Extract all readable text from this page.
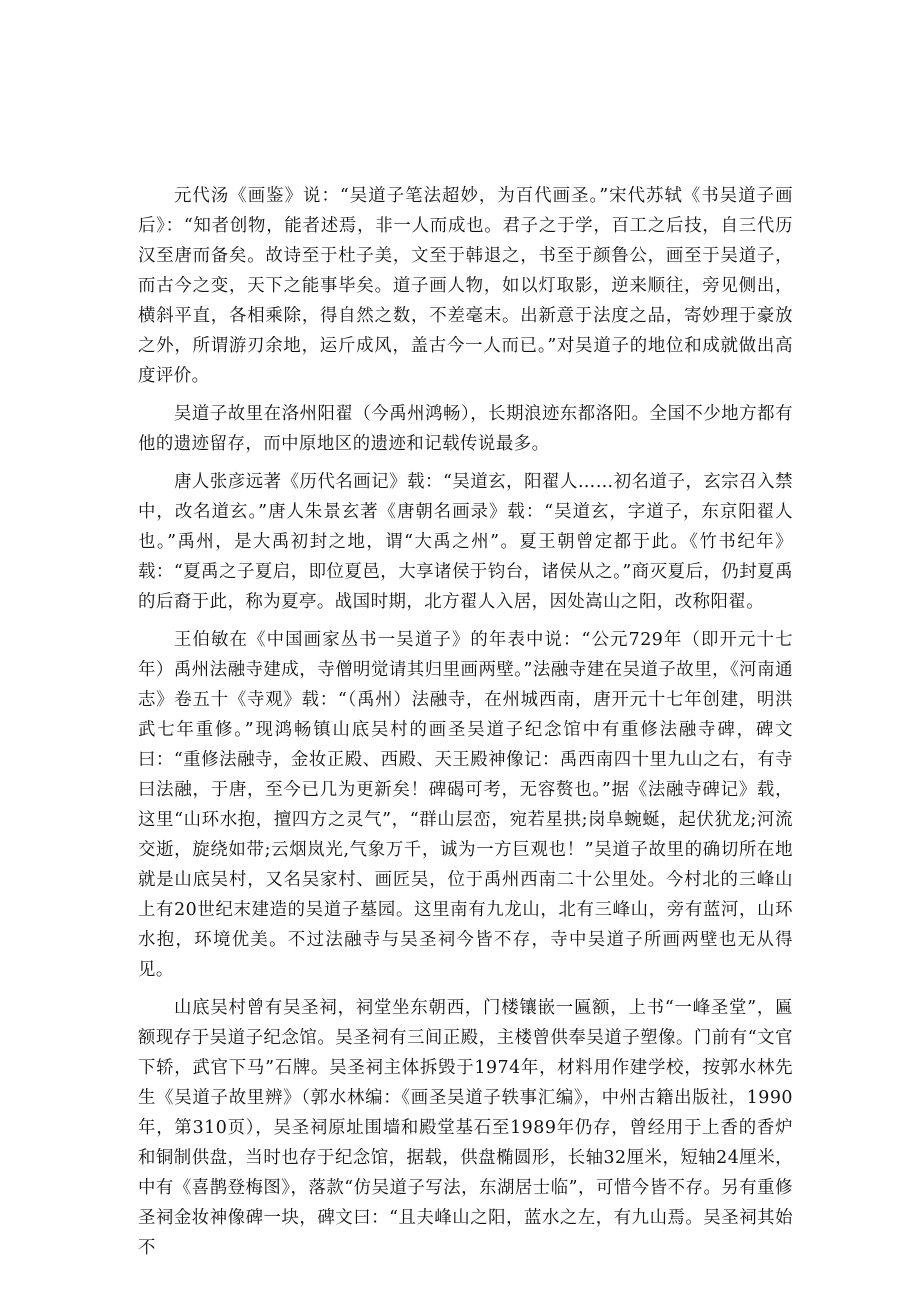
元代汤《画鉴》说：“吴道子笔法超妙，为百代画圣。”宋代苏轼《书吴道子画后》：“知者创物，能者述焉，非一人而成也。君子之于学，百工之后技，自三代历汉至唐而备矣。故诗至于杜子美，文至于韩退之，书至于颜鲁公，画至于吴道子，而古今之变，天下之能事毕矣。道子画人物，如以灯取影，逆来顺往，旁见侧出，横斜平直，各相乘除，得自然之数，不差毫末。出新意于法度之品，寄妙理于豪放之外，所谓游刃余地，运斤成风，盖古今一人而已。”对吴道子的地位和成就做出高度评价。

吴道子故里在洛州阳翟（今禹州鸿畅），长期浪迹东都洛阳。全国不少地方都有他的遗迹留存，而中原地区的遗迹和记载传说最多。

唐人张彦远著《历代名画记》载：“吴道玄，阳翟人……初名道子，玄宗召入禁中，改名道玄。”唐人朱景玄著《唐朝名画录》载：“吴道玄，字道子，东京阳翟人也。”禹州，是大禹初封之地，谓“大禹之州”。夏王朝曾定都于此。《竹书纪年》载：“夏禹之子夏启，即位夏邑，大享诸侯于钧台，诸侯从之。”商灭夏后，仍封夏禹的后裔于此，称为夏亭。战国时期，北方翟人入居，因处嵩山之阳，改称阳翟。

王伯敏在《中国画家丛书一吴道子》的年表中说：“公元729年（即开元十七年）禹州法融寺建成，寺僧明觉请其归里画两壁。”法融寺建在吴道子故里，《河南通志》卷五十《寺观》载：“（禹州）法融寺，在州城西南，唐开元十七年创建，明洪武七年重修。”现鸿畅镇山底吴村的画圣吴道子纪念馆中有重修法融寺碑，碑文曰：“重修法融寺，金妆正殿、西殿、天王殿神像记：禹西南四十里九山之右，有寺曰法融，于唐，至今已几为更新矣！碑碣可考，无容赘也。”据《法融寺碑记》载，这里“山环水抱，擅四方之灵气”，“群山层峦，宛若星拱;岗阜蜿蜒，起伏犹龙;河流交逝，旋绕如带;云烟岚光,气象万千，诚为一方巨观也！”吴道子故里的确切所在地就是山底吴村，又名吴家村、画匠吴，位于禹州西南二十公里处。今村北的三峰山上有20世纪末建造的吴道子墓园。这里南有九龙山，北有三峰山，旁有蓝河，山环水抱，环境优美。不过法融寺与吴圣祠今皆不存，寺中吴道子所画两壁也无从得见。

山底吴村曾有吴圣祠，祠堂坐东朝西，门楼镶嵌一匾额，上书“一峰圣堂”，匾额现存于吴道子纪念馆。吴圣祠有三间正殿，主楼曾供奉吴道子塑像。门前有“文官下轿，武官下马”石牌。吴圣祠主体拆毁于1974年，材料用作建学校，按郭水林先生《吴道子故里辨》（郭水林编：《画圣吴道子轶事汇编》，中州古籍出版社，1990年，第310页），吴圣祠原址围墙和殿堂基石至1989年仍存，曾经用于上香的香炉和铜制供盘，当时也存于纪念馆，据载，供盘椭圆形，长轴32厘米，短轴24厘米，中有《喜鹊登梅图》，落款“仿吴道子写法，东湖居士临”，可惜今皆不存。另有重修圣祠金妆神像碑一块，碑文曰：“且夫峰山之阳，蓝水之左，有九山焉。吴圣祠其始不
